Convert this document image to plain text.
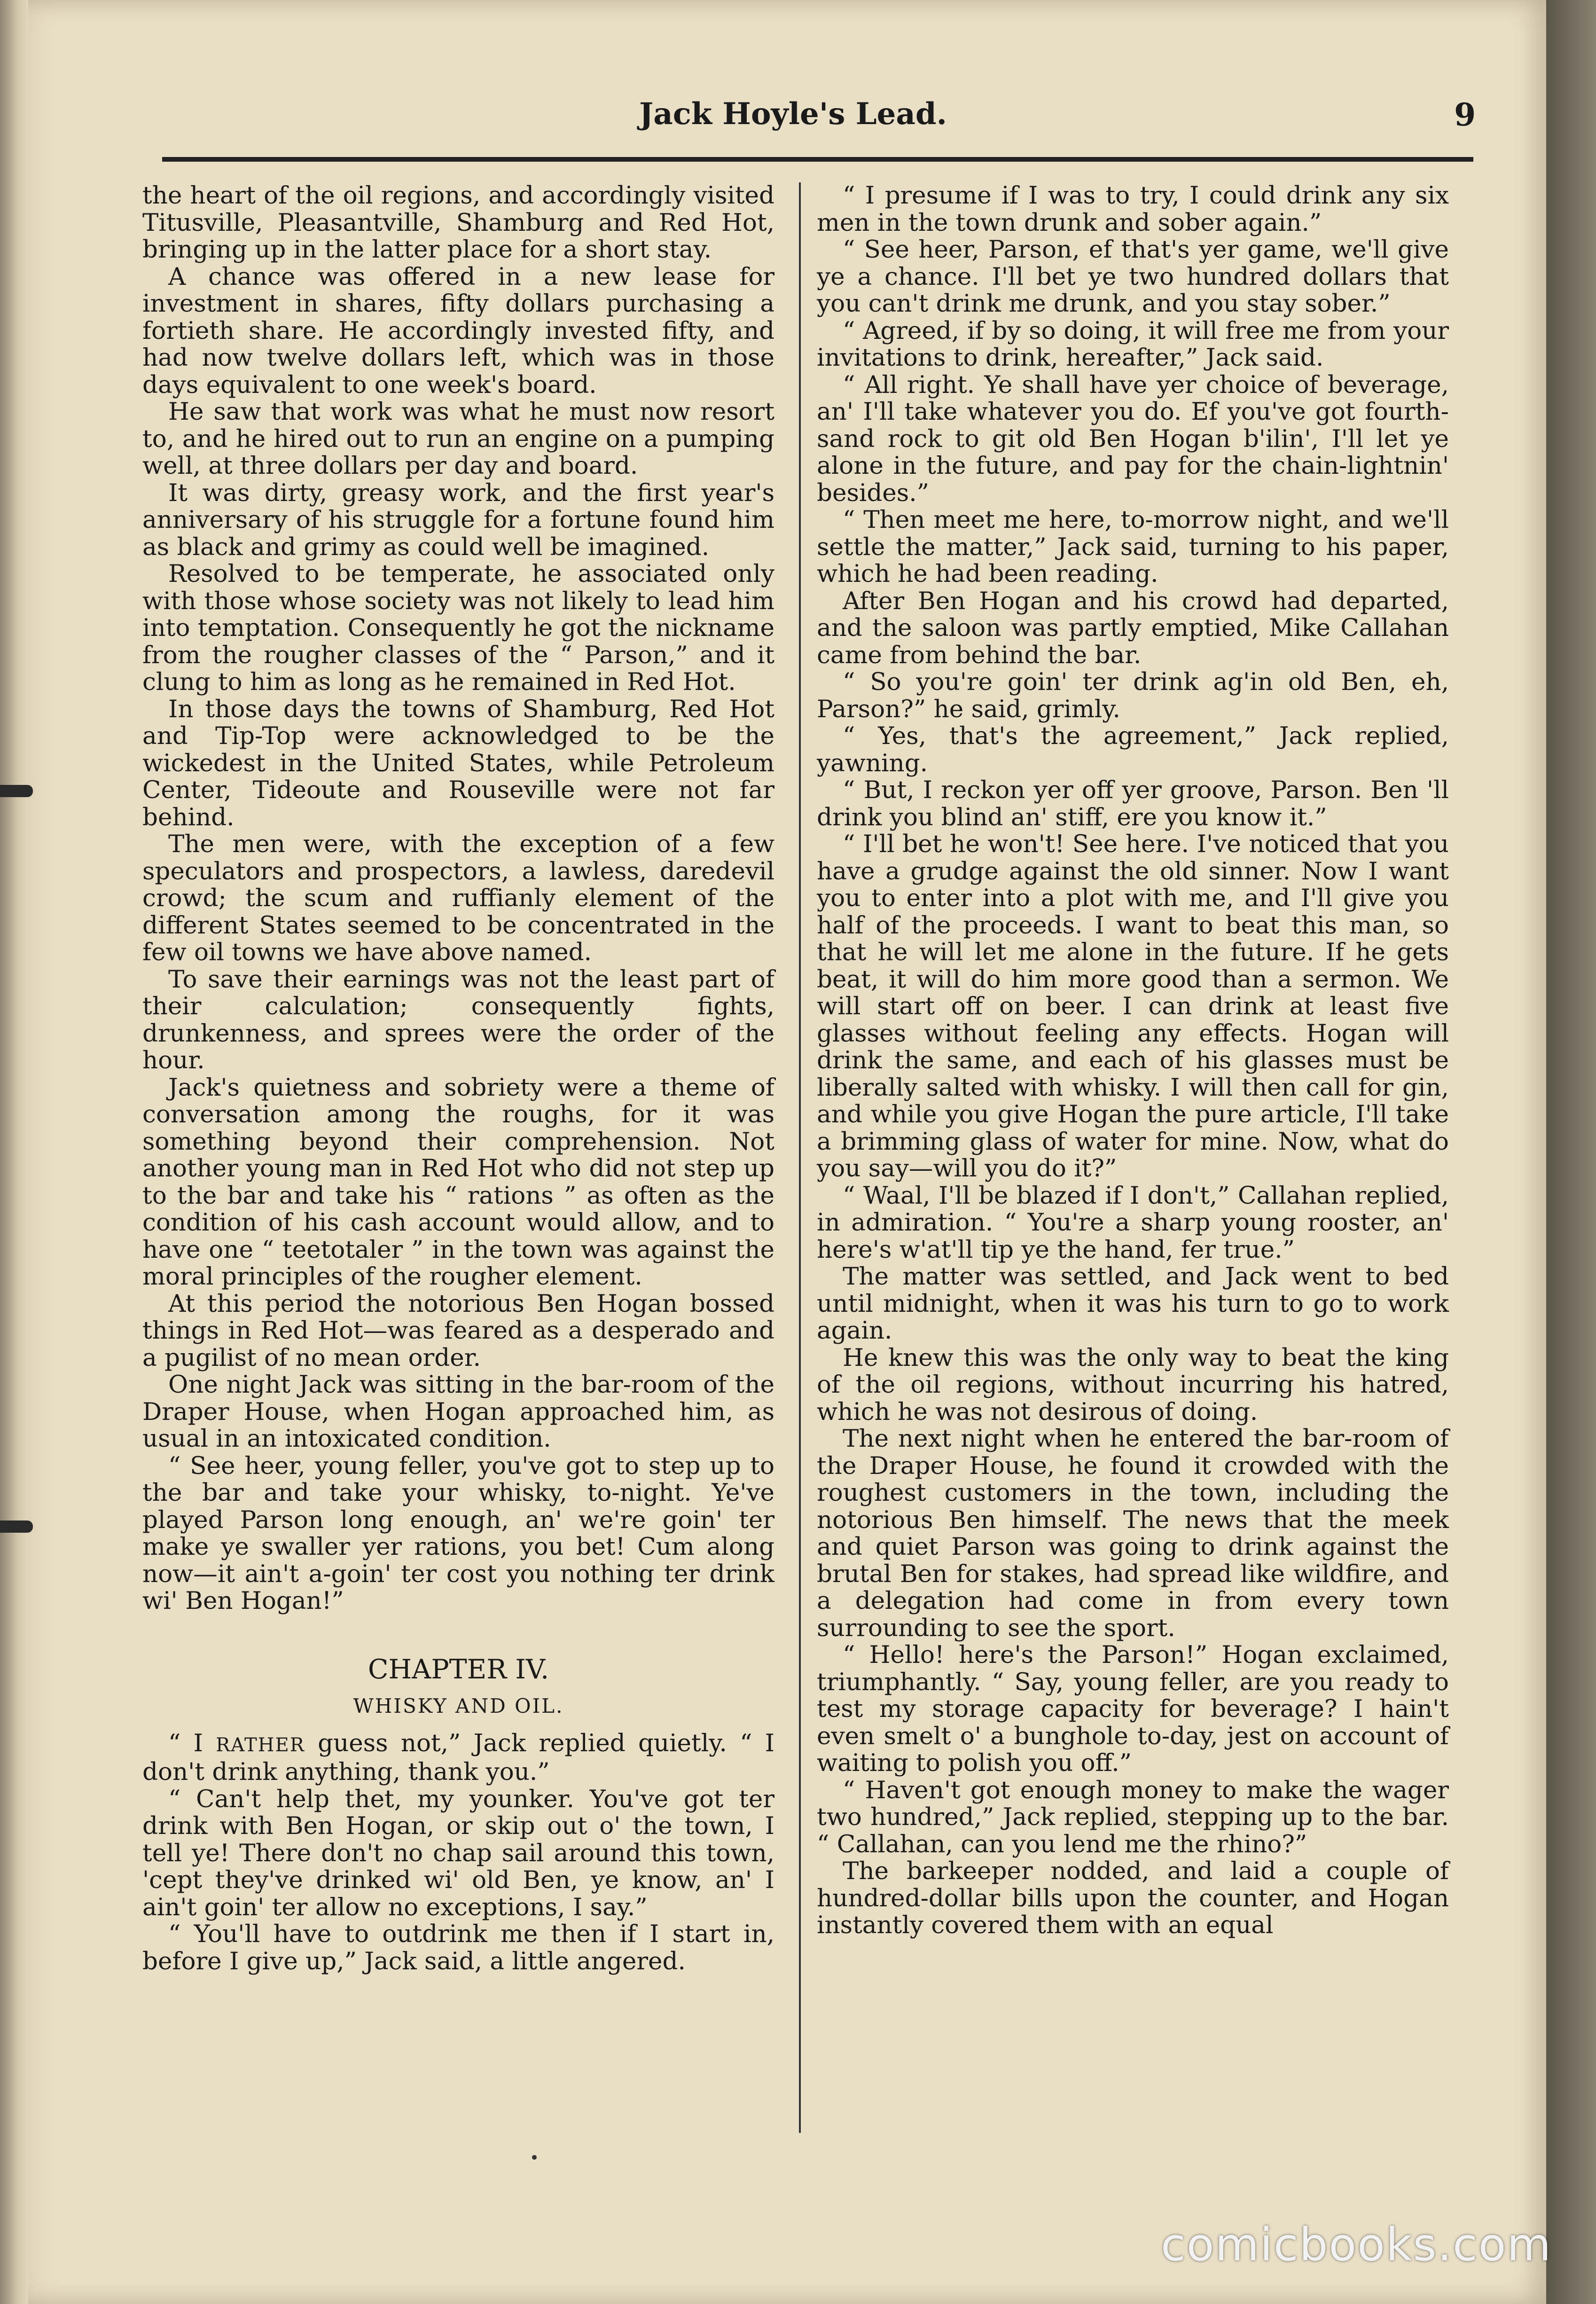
Jack Hoyle's Lead.	9

the heart of the oil regions, and accordingly visited Titusville, Pleasantville, Shamburg and Red Hot, bringing up in the latter place for a short stay.

A chance was offered in a new lease for investment in shares, fifty dollars purchasing a fortieth share. He accordingly invested fifty, and had now twelve dollars left, which was in those days equivalent to one week's board.

He saw that work was what he must now resort to, and he hired out to run an engine on a pumping well, at three dollars per day and board.

It was dirty, greasy work, and the first year's anniversary of his struggle for a fortune found him as black and grimy as could well be imagined.

Resolved to be temperate, he associated only with those whose society was not likely to lead him into temptation. Consequently he got the nickname from the rougher classes of the “ Parson,” and it clung to him as long as he remained in Red Hot.

In those days the towns of Shamburg, Red Hot and Tip-Top were acknowledged to be the wickedest in the United States, while Petroleum Center, Tideoute and Rouseville were not far behind.

The men were, with the exception of a few speculators and prospectors, a lawless, daredevil crowd; the scum and ruffianly element of the different States seemed to be concentrated in the few oil towns we have above named.

To save their earnings was not the least part of their calculation; consequently fights, drunkenness, and sprees were the order of the hour.

Jack's quietness and sobriety were a theme of conversation among the roughs, for it was something beyond their comprehension. Not another young man in Red Hot who did not step up to the bar and take his “ rations ” as often as the condition of his cash account would allow, and to have one “ teetotaler ” in the town was against the moral principles of the rougher element.

At this period the notorious Ben Hogan bossed things in Red Hot—was feared as a desperado and a pugilist of no mean order.

One night Jack was sitting in the bar-room of the Draper House, when Hogan approached him, as usual in an intoxicated condition.

“ See heer, young feller, you've got to step up to the bar and take your whisky, to-night. Ye've played Parson long enough, an' we're goin' ter make ye swaller yer rations, you bet! Cum along now—it ain't a-goin' ter cost you nothing ter drink wi' Ben Hogan!”

CHAPTER IV.
WHISKY AND OIL.

“ I RATHER guess not,” Jack replied quietly. “ I don't drink anything, thank you.”

“ Can't help thet, my younker. You've got ter drink with Ben Hogan, or skip out o' the town, I tell ye! There don't no chap sail around this town, 'cept they've drinked wi' old Ben, ye know, an' I ain't goin' ter allow no exceptions, I say.”

“ You'll have to outdrink me then if I start in, before I give up,” Jack said, a little angered.

“ I presume if I was to try, I could drink any six men in the town drunk and sober again.”

“ See heer, Parson, ef that's yer game, we'll give ye a chance. I'll bet ye two hundred dollars that you can't drink me drunk, and you stay sober.”

“ Agreed, if by so doing, it will free me from your invitations to drink, hereafter,” Jack said.

“ All right. Ye shall have yer choice of beverage, an' I'll take whatever you do. Ef you've got fourth-sand rock to git old Ben Hogan b'ilin', I'll let ye alone in the future, and pay for the chain-lightnin' besides.”

“ Then meet me here, to-morrow night, and we'll settle the matter,” Jack said, turning to his paper, which he had been reading.

After Ben Hogan and his crowd had departed, and the saloon was partly emptied, Mike Callahan came from behind the bar.

“ So you're goin' ter drink ag'in old Ben, eh, Parson?” he said, grimly.

“ Yes, that's the agreement,” Jack replied, yawning.

“ But, I reckon yer off yer groove, Parson. Ben 'll drink you blind an' stiff, ere you know it.”

“ I'll bet he won't! See here. I've noticed that you have a grudge against the old sinner. Now I want you to enter into a plot with me, and I'll give you half of the proceeds. I want to beat this man, so that he will let me alone in the future. If he gets beat, it will do him more good than a sermon. We will start off on beer. I can drink at least five glasses without feeling any effects. Hogan will drink the same, and each of his glasses must be liberally salted with whisky. I will then call for gin, and while you give Hogan the pure article, I'll take a brimming glass of water for mine. Now, what do you say—will you do it?”

“ Waal, I'll be blazed if I don't,” Callahan replied, in admiration. “ You're a sharp young rooster, an' here's w'at'll tip ye the hand, fer true.”

The matter was settled, and Jack went to bed until midnight, when it was his turn to go to work again.

He knew this was the only way to beat the king of the oil regions, without incurring his hatred, which he was not desirous of doing.

The next night when he entered the bar-room of the Draper House, he found it crowded with the roughest customers in the town, including the notorious Ben himself. The news that the meek and quiet Parson was going to drink against the brutal Ben for stakes, had spread like wildfire, and a delegation had come in from every town surrounding to see the sport.

“ Hello! here's the Parson!” Hogan exclaimed, triumphantly. “ Say, young feller, are you ready to test my storage capacity for beverage? I hain't even smelt o' a bunghole to-day, jest on account of waiting to polish you off.”

“ Haven't got enough money to make the wager two hundred,” Jack replied, stepping up to the bar. “ Callahan, can you lend me the rhino?”

The barkeeper nodded, and laid a couple of hundred-dollar bills upon the counter, and Hogan instantly covered them with an equal

comicbooks.com
